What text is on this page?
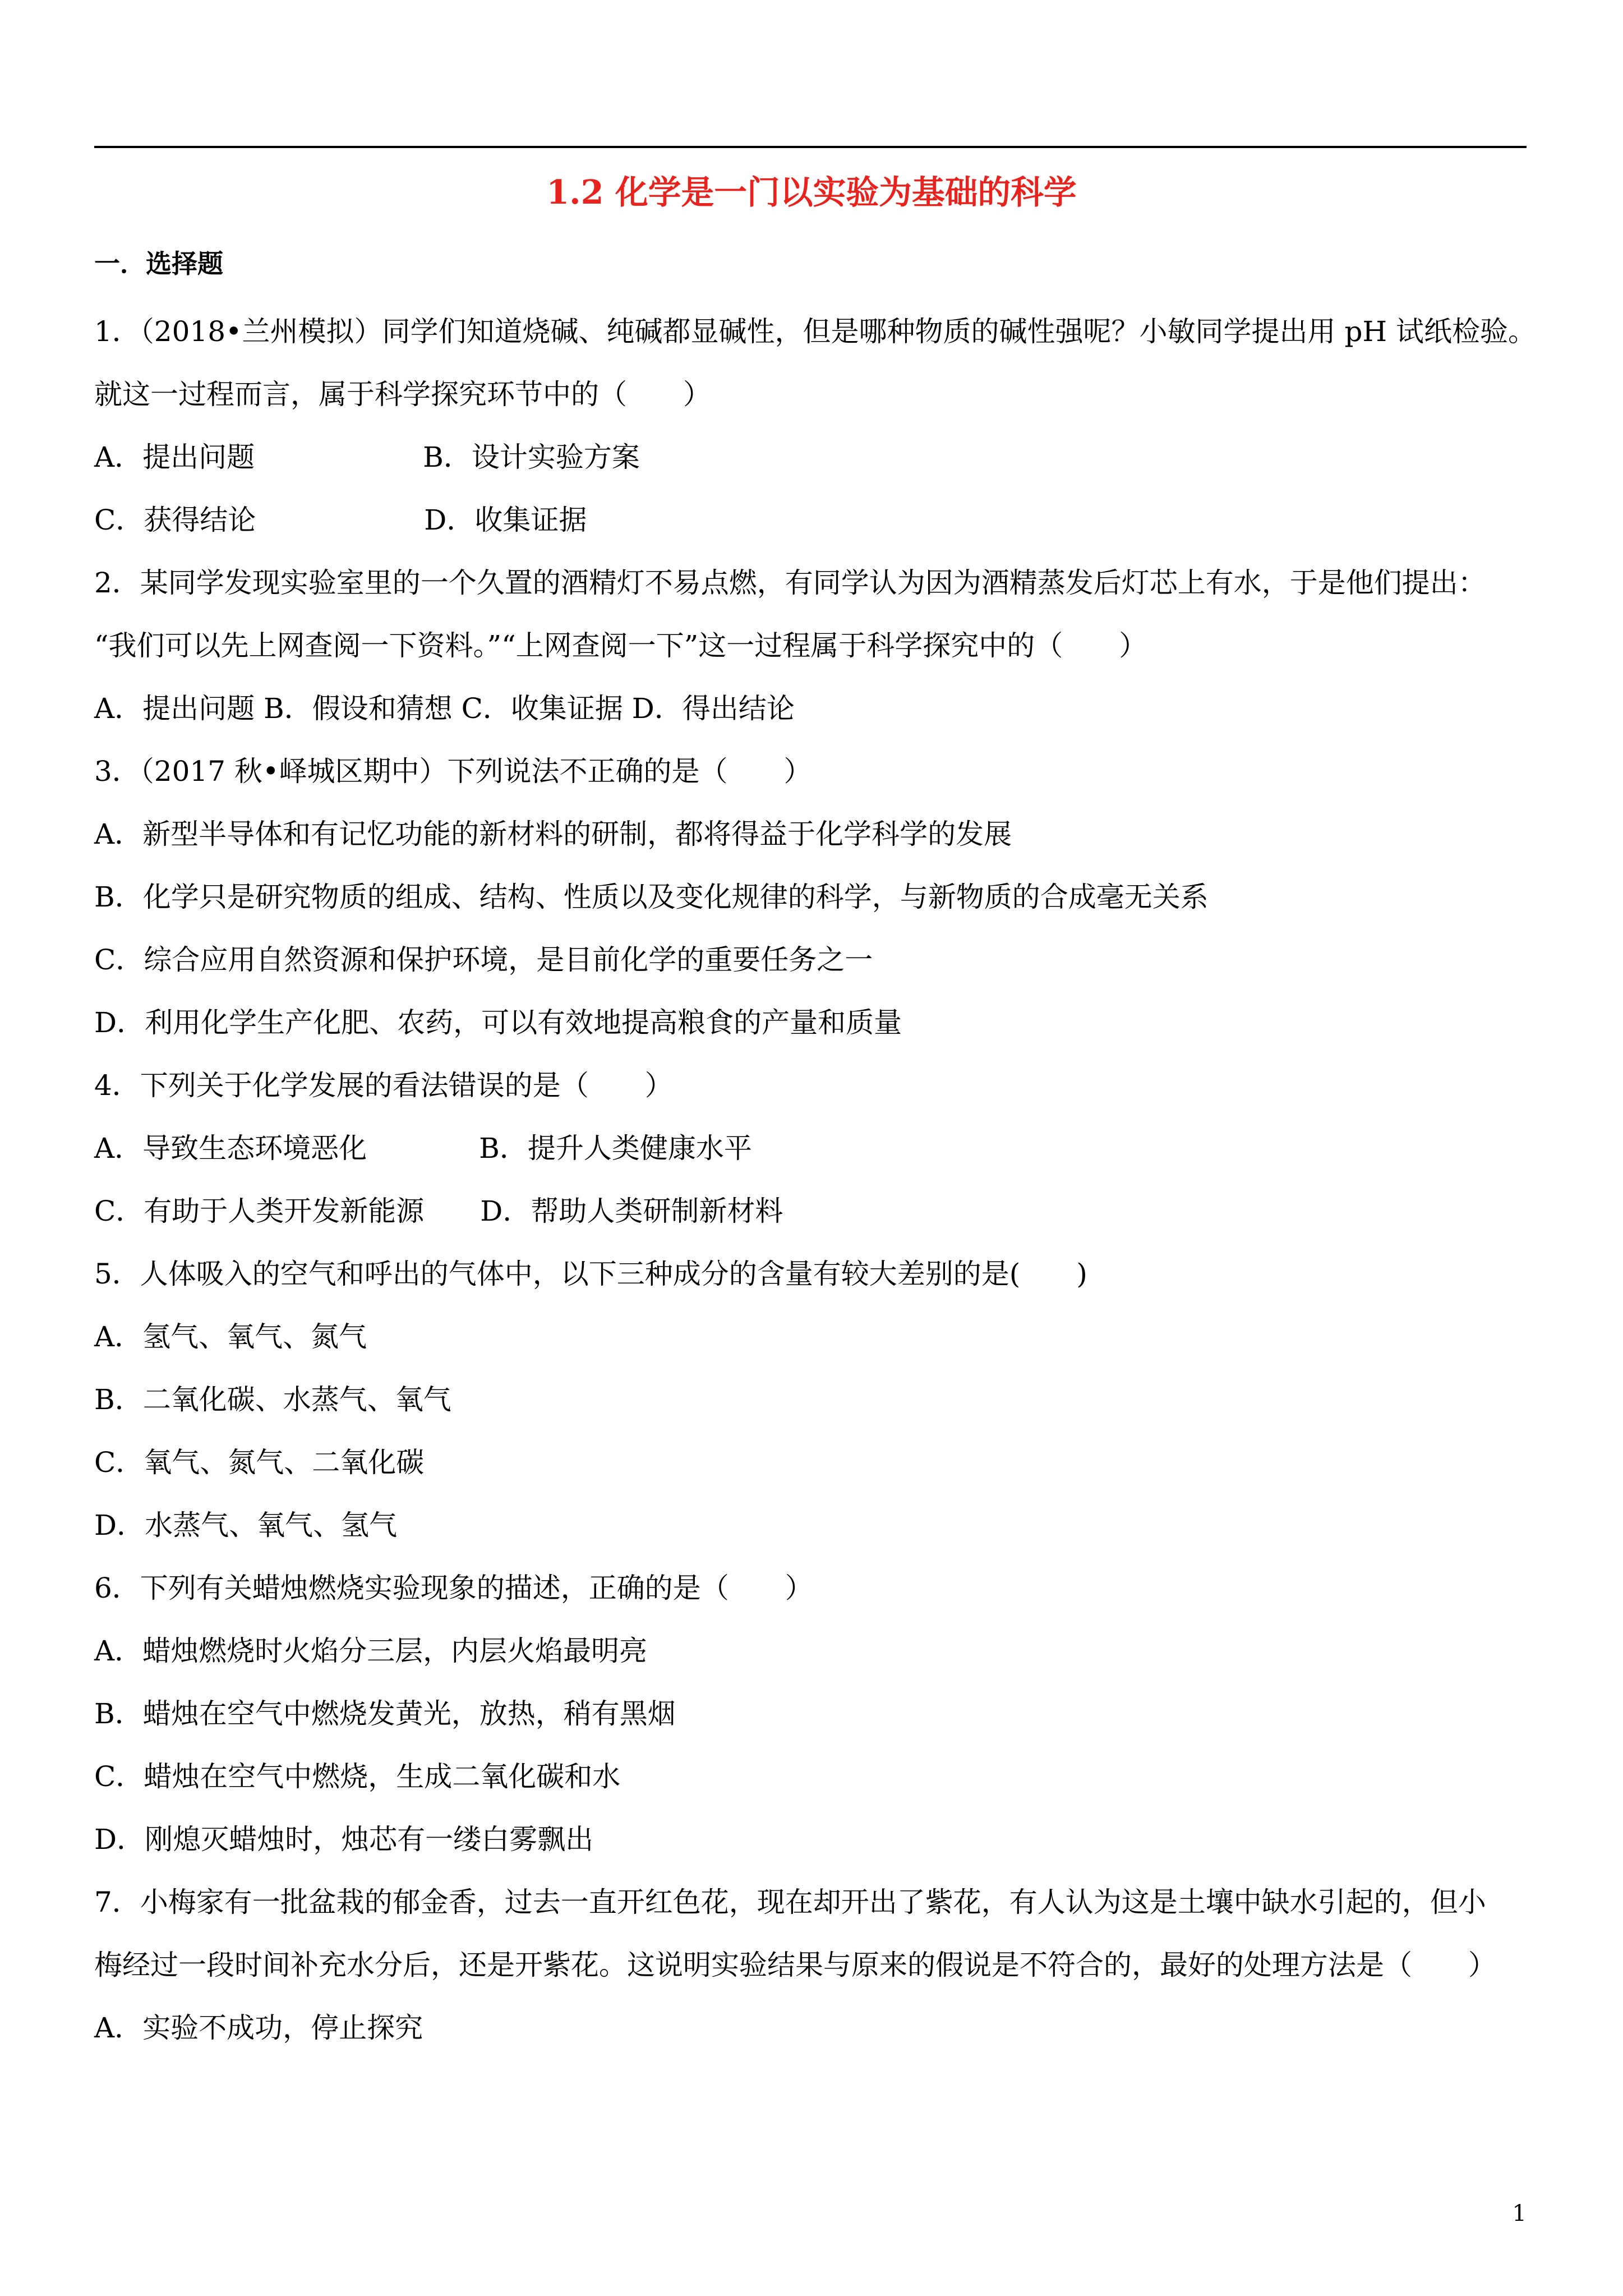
1.2 化学是一门以实验为基础的科学
一．选择题
1．（2018•兰州模拟）同学们知道烧碱、纯碱都显碱性，但是哪种物质的碱性强呢？小敏同学提出用 pH 试纸检验。
就这一过程而言，属于科学探究环节中的（　　）
A．提出问题　　　　　　B．设计实验方案
C．获得结论　　　　　　D．收集证据
2．某同学发现实验室里的一个久置的酒精灯不易点燃，有同学认为因为酒精蒸发后灯芯上有水，于是他们提出：
“我们可以先上网查阅一下资料。”“上网查阅一下”这一过程属于科学探究中的（　　）
A．提出问题 B．假设和猜想 C．收集证据 D．得出结论
3．（2017 秋•峄城区期中）下列说法不正确的是（　　）
A．新型半导体和有记忆功能的新材料的研制，都将得益于化学科学的发展
B．化学只是研究物质的组成、结构、性质以及变化规律的科学，与新物质的合成毫无关系
C．综合应用自然资源和保护环境，是目前化学的重要任务之一
D．利用化学生产化肥、农药，可以有效地提高粮食的产量和质量
4．下列关于化学发展的看法错误的是（　　）
A．导致生态环境恶化　　　　B．提升人类健康水平
C．有助于人类开发新能源　　D．帮助人类研制新材料
5．人体吸入的空气和呼出的气体中，以下三种成分的含量有较大差别的是(　　)
A．氢气、氧气、氮气
B．二氧化碳、水蒸气、氧气
C．氧气、氮气、二氧化碳
D．水蒸气、氧气、氢气
6．下列有关蜡烛燃烧实验现象的描述，正确的是（　　）
A．蜡烛燃烧时火焰分三层，内层火焰最明亮
B．蜡烛在空气中燃烧发黄光，放热，稍有黑烟
C．蜡烛在空气中燃烧，生成二氧化碳和水
D．刚熄灭蜡烛时，烛芯有一缕白雾飘出
7．小梅家有一批盆栽的郁金香，过去一直开红色花，现在却开出了紫花，有人认为这是土壤中缺水引起的，但小
梅经过一段时间补充水分后，还是开紫花。这说明实验结果与原来的假说是不符合的，最好的处理方法是（　　）
A．实验不成功，停止探究
1
